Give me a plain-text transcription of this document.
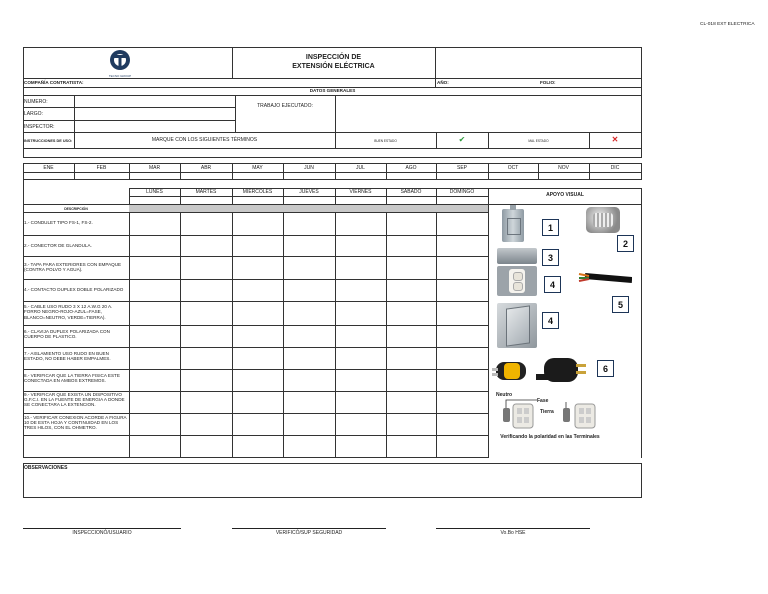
CL-018 EXT ELECTRICA
TECNO GROUP
INSPECCIÓN DE
EXTENSIÓN ELÉCTRICA
COMPAÑÍA CONTRATISTA:	AÑO:	FOLIO:
DATOS GENERALES
NUMERO:
LARGO:
INSPECTOR:
TRABAJO EJECUTADO:
INSTRUCCIONES DE USO:	MARQUE CON LOS SIGUIENTES TÉRMINOS	BUEN ESTADO	✔	MAL ESTADO	✕
ENE	FEB	MAR	ABR	MAY	JUN	JUL	AGO	SEP	OCT	NOV	DIC
LUNES	MARTES	MIÉRCOLES	JUEVES	VIERNES	SÁBADO	DOMINGO	APOYO VISUAL
DESCRIPCIÓN
1.- CONDULET TIPO FS-1, FS-2.
2.- CONECTOR DE GLANDULA.
3.- TAPA PARA EXTERIORES CON EMPAQUE (CONTRA POLVO Y AGUA).
4.- CONTACTO DUPLEX DOBLE POLARIZADO
5.- CABLE USO RUDO 3 X 12 A.W.G 20 A. FORRO NEGRO-ROJO-AZUL=FASE, BLANCO=NEUTRO, VERDE=TIERRA).
6.- CLAVIJA DUPLEX POLARIZADA CON CUERPO DE PLASTICO.
7.- AISLAMIENTO USO RUDO EN BUEN ESTADO, NO DEBE HABER EMPALMES.
8.- VERIFICAR QUE LA TIERRA FISICA ESTE CONECTADA EN AMBOS EXTREMOS.
9.- VERIFICAR QUE EXISTA UN DISPOSITIVO G.F.C.I. EN LA FUENTE DE ENERGIA A DONDE SE CONECTARA LA EXTENCION.
10.- VERIFICAR CONEXION ACORDE A FIGURA 10 DE ESTA HOJA Y CONTINUIDAD EN LOS TRES HILOS, CON EL OHMETRO.
1
2
3
4
5
4
6
Neutro
Fase
Tierra
Verificando la polaridad en las Terminales
OBSERVACIONES
INSPECCIONÓ/USUARIO	VERIFICÓ/SUP SEGURIDAD	Vo.Bo HSE
